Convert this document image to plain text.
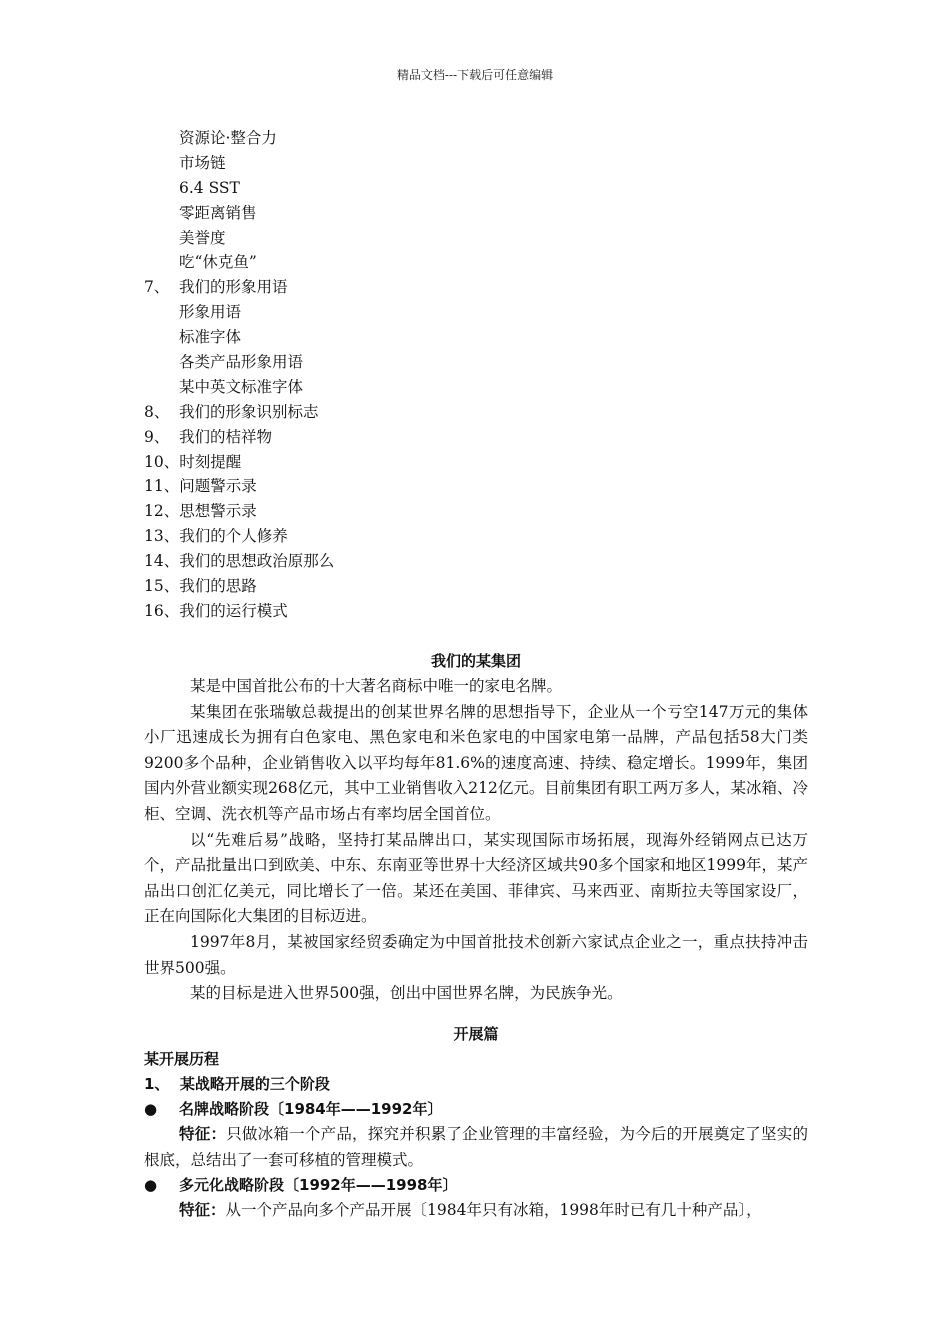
精品文档---下载后可任意编辑
资源论·整合力
市场链
6.4 SST
零距离销售
美誉度
吃“休克鱼”
7、 我们的形象用语
形象用语
标准字体
各类产品形象用语
某中英文标准字体
8、 我们的形象识别标志
9、 我们的桔祥物
10、时刻提醒
11、问题警示录
12、思想警示录
13、我们的个人修养
14、我们的思想政治原那么
15、我们的思路
16、我们的运行模式
我们的某集团

某是中国首批公布的十大著名商标中唯一的家电名牌。

某集团在张瑞敏总裁提出的创某世界名牌的思想指导下，企业从一个亏空147万元的集体小厂迅速成长为拥有白色家电、黑色家电和米色家电的中国家电第一品牌，产品包括58大门类9200多个品种，企业销售收入以平均每年81.6%的速度高速、持续、稳定增长。1999年，集团国内外营业额实现268亿元，其中工业销售收入212亿元。目前集团有职工两万多人，某冰箱、冷柜、空调、洗衣机等产品市场占有率均居全国首位。

以“先难后易”战略，坚持打某品牌出口，某实现国际市场拓展，现海外经销网点已达万个，产品批量出口到欧美、中东、东南亚等世界十大经济区域共90多个国家和地区1999年，某产品出口创汇亿美元，同比增长了一倍。某还在美国、菲律宾、马来西亚、南斯拉夫等国家设厂，正在向国际化大集团的目标迈进。

1997年8月，某被国家经贸委确定为中国首批技术创新六家试点企业之一，重点扶持冲击世界500强。

某的目标是进入世界500强，创出中国世界名牌，为民族争光。

开展篇
某开展历程
1、  某战略开展的三个阶段
● 名牌战略阶段〔1984年——1992年〕

特征：只做冰箱一个产品，探究并积累了企业管理的丰富经验，为今后的开展奠定了坚实的根底，总结出了一套可移植的管理模式。

● 多元化战略阶段〔1992年——1998年〕

特征：从一个产品向多个产品开展〔1984年只有冰箱，1998年时已有几十种产品〕，
